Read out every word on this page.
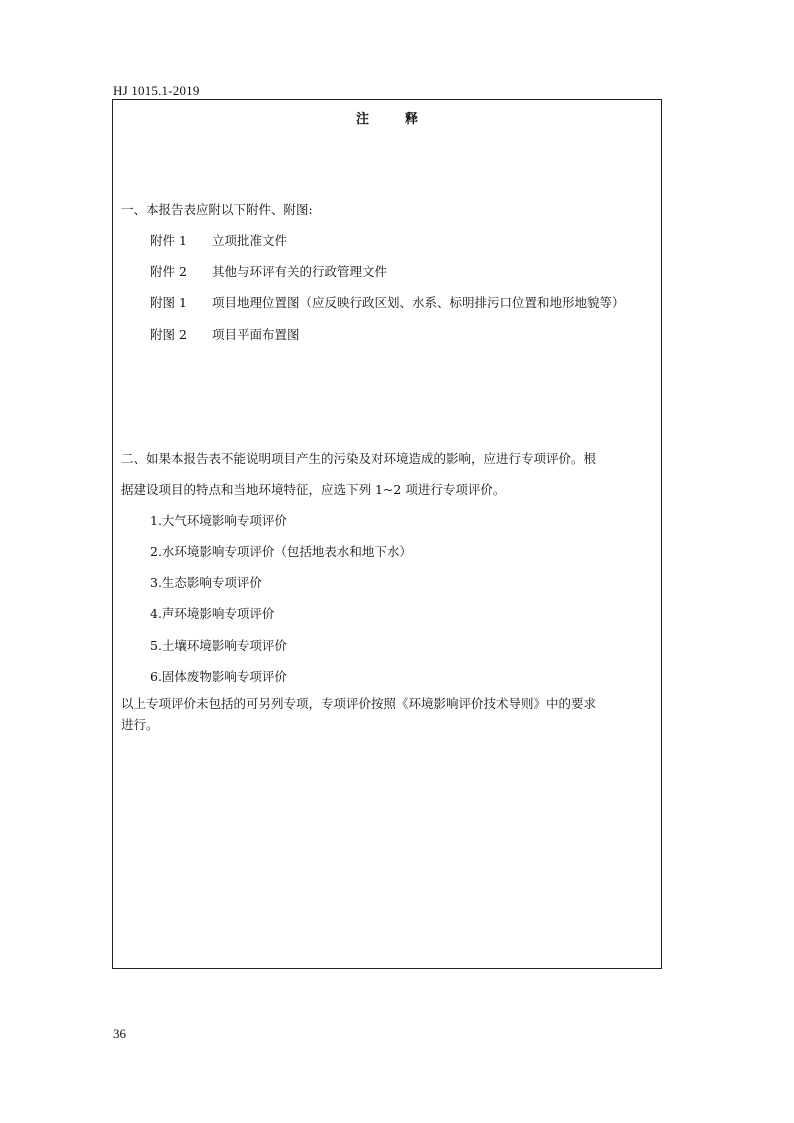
HJ 1015.1-2019
注	释
一、本报告表应附以下附件、附图:
附件 1 立项批准文件
附件 2 其他与环评有关的行政管理文件
附图 1 项目地理位置图（应反映行政区划、水系、标明排污口位置和地形地貌等）
附图 2 项目平面布置图
二、如果本报告表不能说明项目产生的污染及对环境造成的影响，应进行专项评价。根
据建设项目的特点和当地环境特征，应选下列 1~2 项进行专项评价。
1.大气环境影响专项评价
2.水环境影响专项评价（包括地表水和地下水）
3.生态影响专项评价
4.声环境影响专项评价
5.土壤环境影响专项评价
6.固体废物影响专项评价
以上专项评价未包括的可另列专项，专项评价按照《环境影响评价技术导则》中的要求
进行。
36
